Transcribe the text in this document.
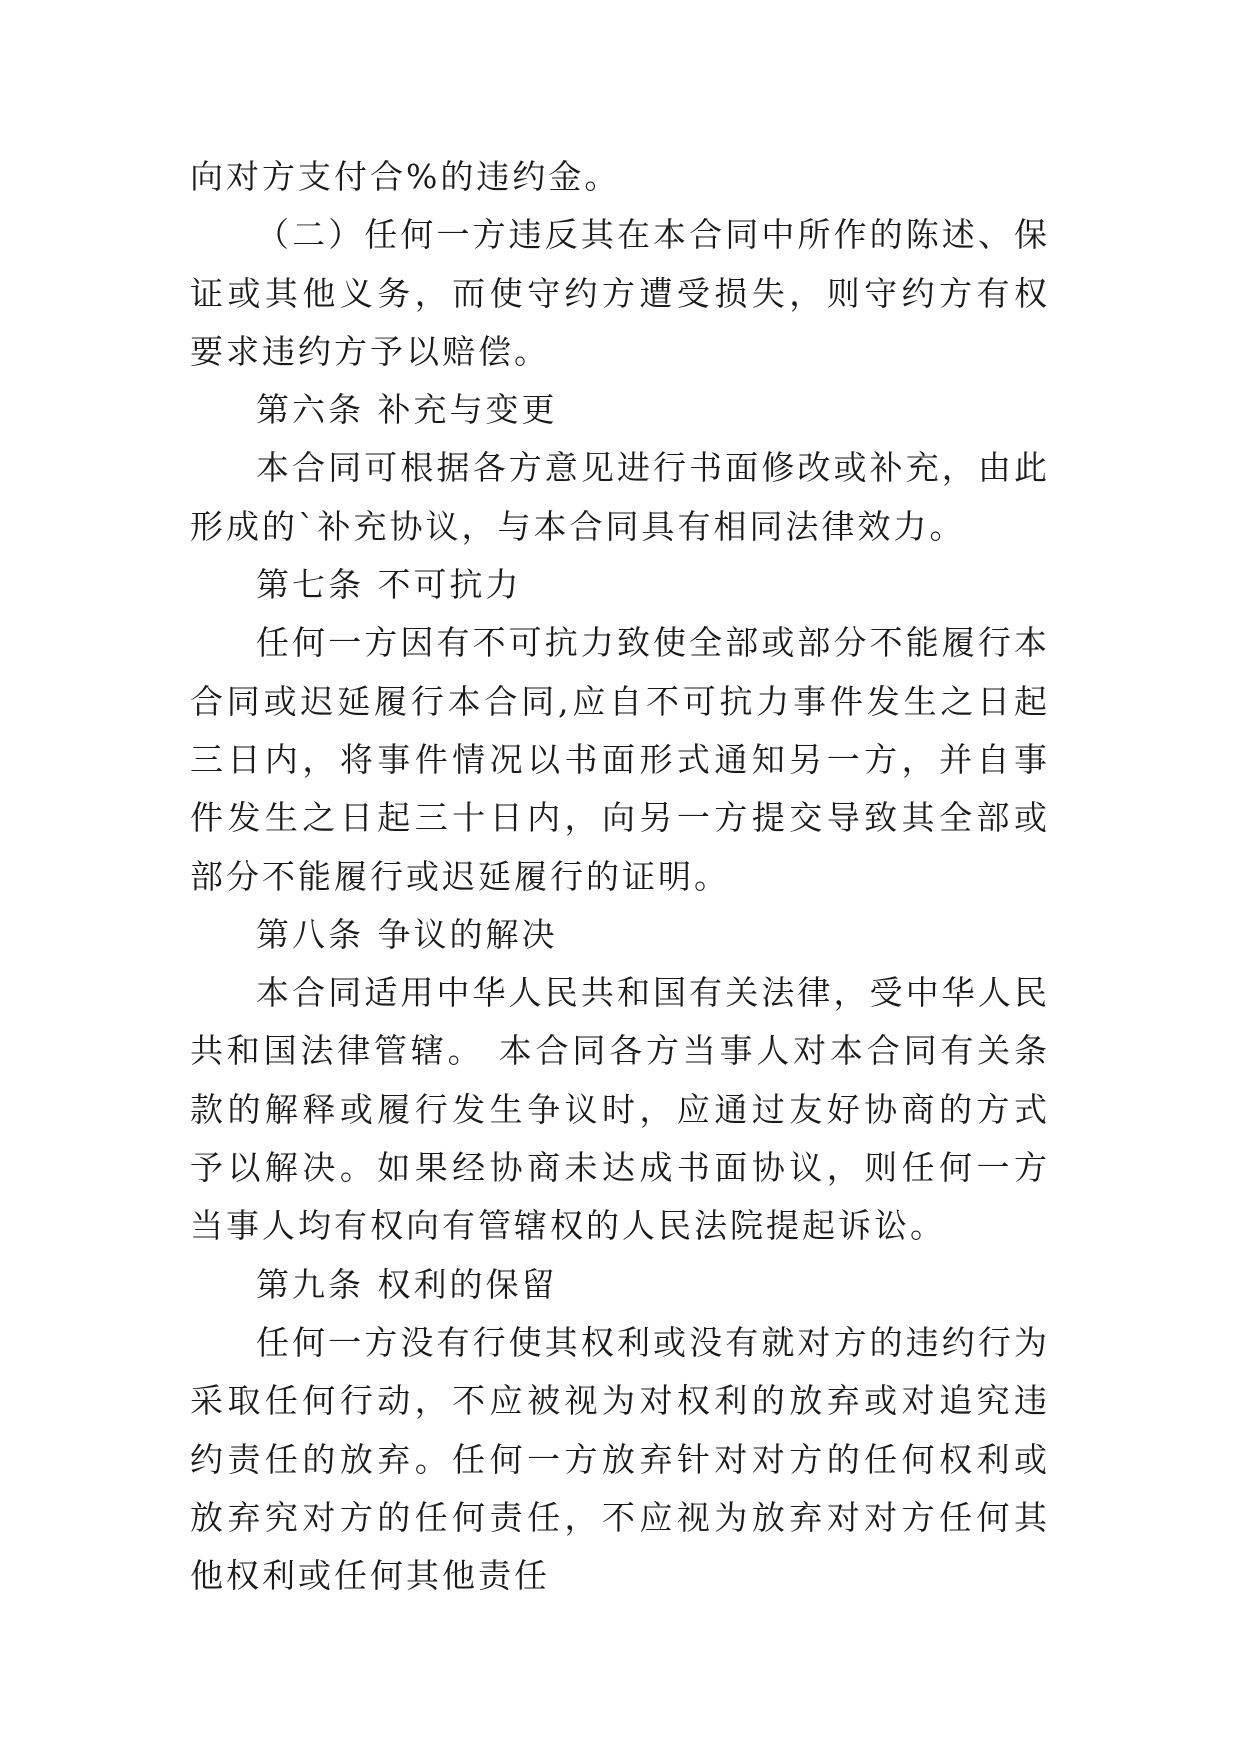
向对方支付合%的违约金。

（二）任何一方违反其在本合同中所作的陈述、保证或其他义务，而使守约方遭受损失，则守约方有权要求违约方予以赔偿。

第六条 补充与变更

本合同可根据各方意见进行书面修改或补充，由此形成的`补充协议，与本合同具有相同法律效力。

第七条 不可抗力

任何一方因有不可抗力致使全部或部分不能履行本合同或迟延履行本合同,应自不可抗力事件发生之日起三日内，将事件情况以书面形式通知另一方，并自事件发生之日起三十日内，向另一方提交导致其全部或部分不能履行或迟延履行的证明。

第八条 争议的解决

本合同适用中华人民共和国有关法律，受中华人民共和国法律管辖。 本合同各方当事人对本合同有关条款的解释或履行发生争议时，应通过友好协商的方式予以解决。如果经协商未达成书面协议，则任何一方当事人均有权向有管辖权的人民法院提起诉讼。

第九条 权利的保留

任何一方没有行使其权利或没有就对方的违约行为采取任何行动，不应被视为对权利的放弃或对追究违约责任的放弃。任何一方放弃针对对方的任何权利或放弃究对方的任何责任，不应视为放弃对对方任何其他权利或任何其他责任
